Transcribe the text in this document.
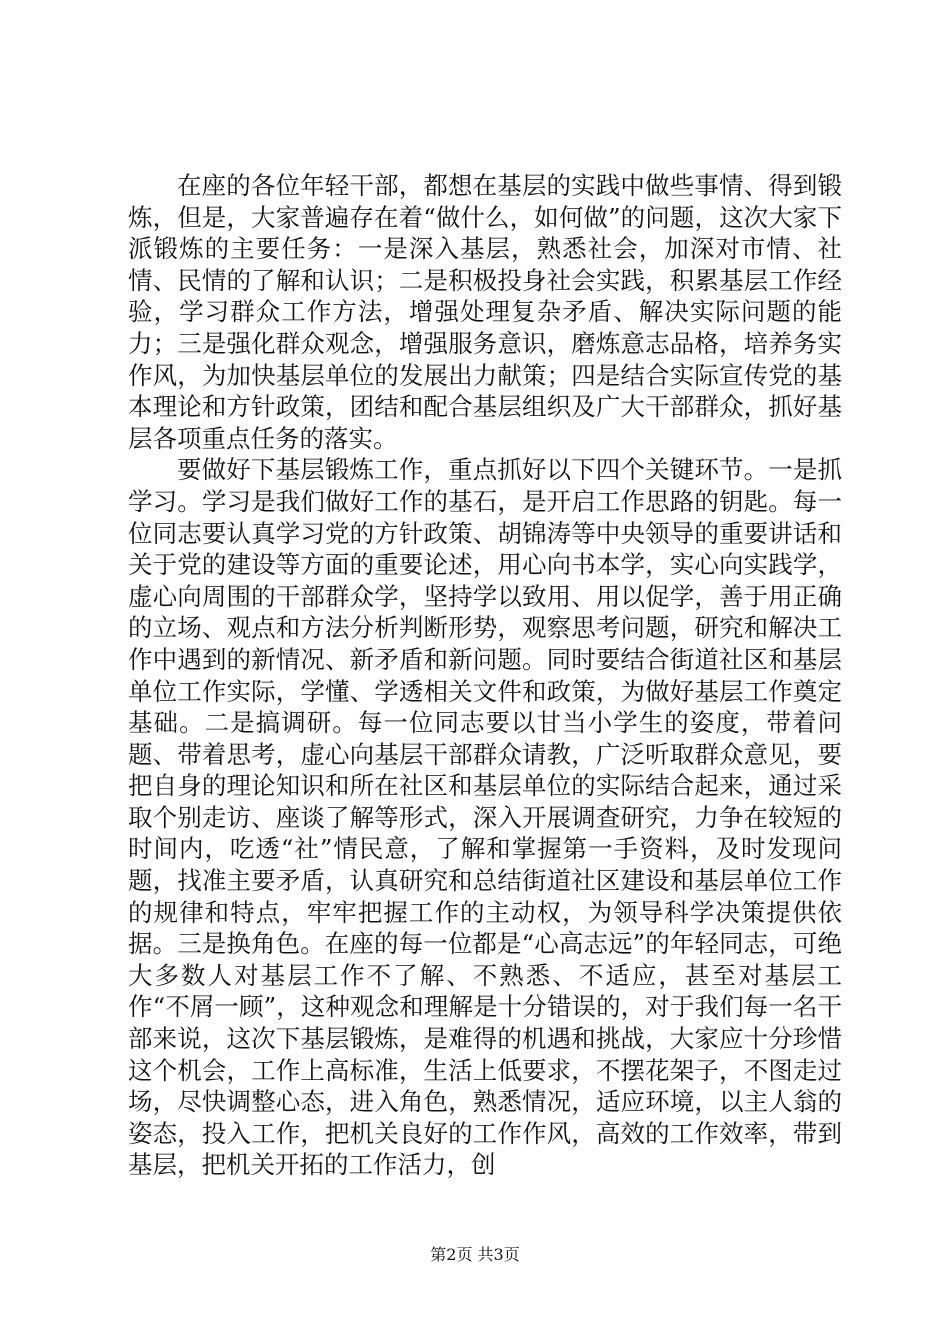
在座的各位年轻干部，都想在基层的实践中做些事情、得到锻炼，但是，大家普遍存在着“做什么，如何做”的问题，这次大家下派锻炼的主要任务：一是深入基层，熟悉社会，加深对市情、社情、民情的了解和认识；二是积极投身社会实践，积累基层工作经验，学习群众工作方法，增强处理复杂矛盾、解决实际问题的能力；三是强化群众观念，增强服务意识，磨炼意志品格，培养务实作风，为加快基层单位的发展出力献策；四是结合实际宣传党的基本理论和方针政策，团结和配合基层组织及广大干部群众，抓好基层各项重点任务的落实。

要做好下基层锻炼工作，重点抓好以下四个关键环节。一是抓学习。学习是我们做好工作的基石，是开启工作思路的钥匙。每一位同志要认真学习党的方针政策、胡锦涛等中央领导的重要讲话和关于党的建设等方面的重要论述，用心向书本学，实心向实践学，虚心向周围的干部群众学，坚持学以致用、用以促学，善于用正确的立场、观点和方法分析判断形势，观察思考问题，研究和解决工作中遇到的新情况、新矛盾和新问题。同时要结合街道社区和基层单位工作实际，学懂、学透相关文件和政策，为做好基层工作奠定基础。二是搞调研。每一位同志要以甘当小学生的姿度，带着问题、带着思考，虚心向基层干部群众请教，广泛听取群众意见，要把自身的理论知识和所在社区和基层单位的实际结合起来，通过采取个别走访、座谈了解等形式，深入开展调查研究，力争在较短的时间内，吃透“社”情民意，了解和掌握第一手资料，及时发现问题，找准主要矛盾，认真研究和总结街道社区建设和基层单位工作的规律和特点，牢牢把握工作的主动权，为领导科学决策提供依据。三是换角色。在座的每一位都是“心高志远”的年轻同志，可绝大多数人对基层工作不了解、不熟悉、不适应，甚至对基层工作“不屑一顾”，这种观念和理解是十分错误的，对于我们每一名干部来说，这次下基层锻炼，是难得的机遇和挑战，大家应十分珍惜这个机会，工作上高标准，生活上低要求，不摆花架子，不图走过场，尽快调整心态，进入角色，熟悉情况，适应环境，以主人翁的姿态，投入工作，把机关良好的工作作风，高效的工作效率，带到基层，把机关开拓的工作活力，创

第2页 共3页
